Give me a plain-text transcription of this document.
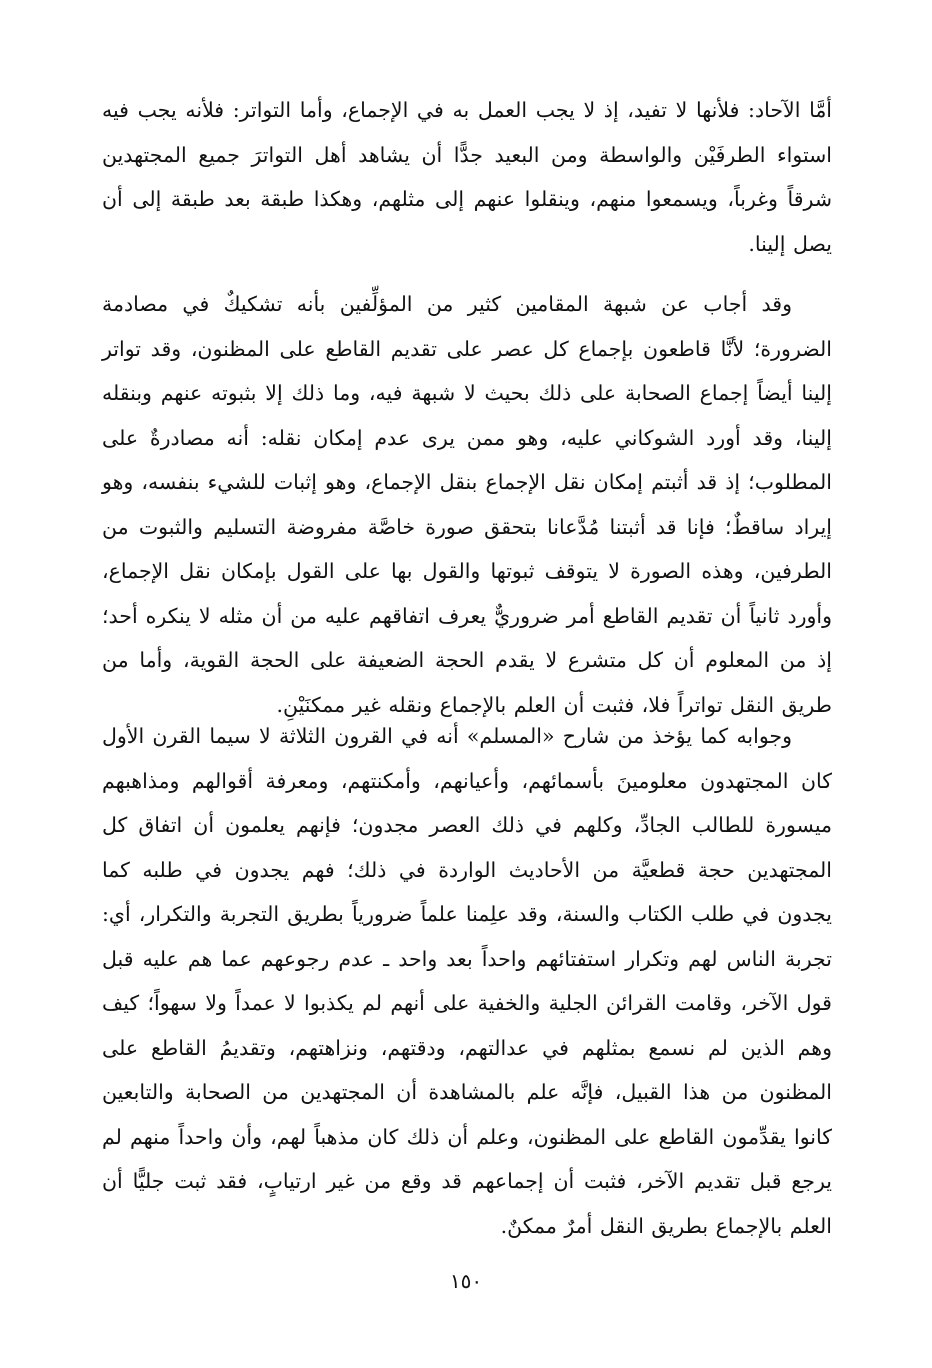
أمَّا الآحاد: فلأنها لا تفيد، إذ لا يجب العمل به في الإجماع، وأما التواتر: فلأنه يجب فيه استواء الطرفَيْن والواسطة ومن البعيد جدًّا أن يشاهد أهل التواترَ جميع المجتهدين شرقاً وغرباً، ويسمعوا منهم، وينقلوا عنهم إلى مثلهم، وهكذا طبقة بعد طبقة إلى أن يصل إلينا.

وقد أجاب عن شبهة المقامين كثير من المؤلِّفين بأنه تشكيكٌ في مصادمة الضرورة؛ لأنَّا قاطعون بإجماع كل عصر على تقديم القاطع على المظنون، وقد تواتر إلينا أيضاً إجماع الصحابة على ذلك بحيث لا شبهة فيه، وما ذلك إلا بثبوته عنهم وبنقله إلينا، وقد أورد الشوكاني عليه، وهو ممن يرى عدم إمكان نقله: أنه مصادرةٌ على المطلوب؛ إذ قد أثبتم إمكان نقل الإجماع بنقل الإجماع، وهو إثبات للشيء بنفسه، وهو إيراد ساقطٌ؛ فإنا قد أثبتنا مُدَّعانا بتحقق صورة خاصَّة مفروضة التسليم والثبوت من الطرفين، وهذه الصورة لا يتوقف ثبوتها والقول بها على القول بإمكان نقل الإجماع، وأورد ثانياً أن تقديم القاطع أمر ضروريٌّ يعرف اتفاقهم عليه من أن مثله لا ينكره أحد؛ إذ من المعلوم أن كل متشرع لا يقدم الحجة الضعيفة على الحجة القوية، وأما من طريق النقل تواتراً فلا، فثبت أن العلم بالإجماع ونقله غير ممكنَيْنِ.

وجوابه كما يؤخذ من شارح «المسلم» أنه في القرون الثلاثة لا سيما القرن الأول كان المجتهدون معلومينَ بأسمائهم، وأعيانهم، وأمكنتهم، ومعرفة أقوالهم ومذاهبهم ميسورة للطالب الجادِّ، وكلهم في ذلك العصر مجدون؛ فإنهم يعلمون أن اتفاق كل المجتهدين حجة قطعيَّة من الأحاديث الواردة في ذلك؛ فهم يجدون في طلبه كما يجدون في طلب الكتاب والسنة، وقد علِمنا علماً ضرورياً بطريق التجربة والتكرار، أي: تجربة الناس لهم وتكرار استفتائهم واحداً بعد واحد ـ عدم رجوعهم عما هم عليه قبل قول الآخر، وقامت القرائن الجلية والخفية على أنهم لم يكذبوا لا عمداً ولا سهواً؛ كيف وهم الذين لم نسمع بمثلهم في عدالتهم، ودقتهم، ونزاهتهم، وتقديمُ القاطع على المظنون من هذا القبيل، فإنَّه علم بالمشاهدة أن المجتهدين من الصحابة والتابعين كانوا يقدِّمون القاطع على المظنون، وعلم أن ذلك كان مذهباً لهم، وأن واحداً منهم لم يرجع قبل تقديم الآخر، فثبت أن إجماعهم قد وقع من غير ارتيابٍ، فقد ثبت جليًّا أن العلم بالإجماع بطريق النقل أمرٌ ممكنٌ.

١٥٠
